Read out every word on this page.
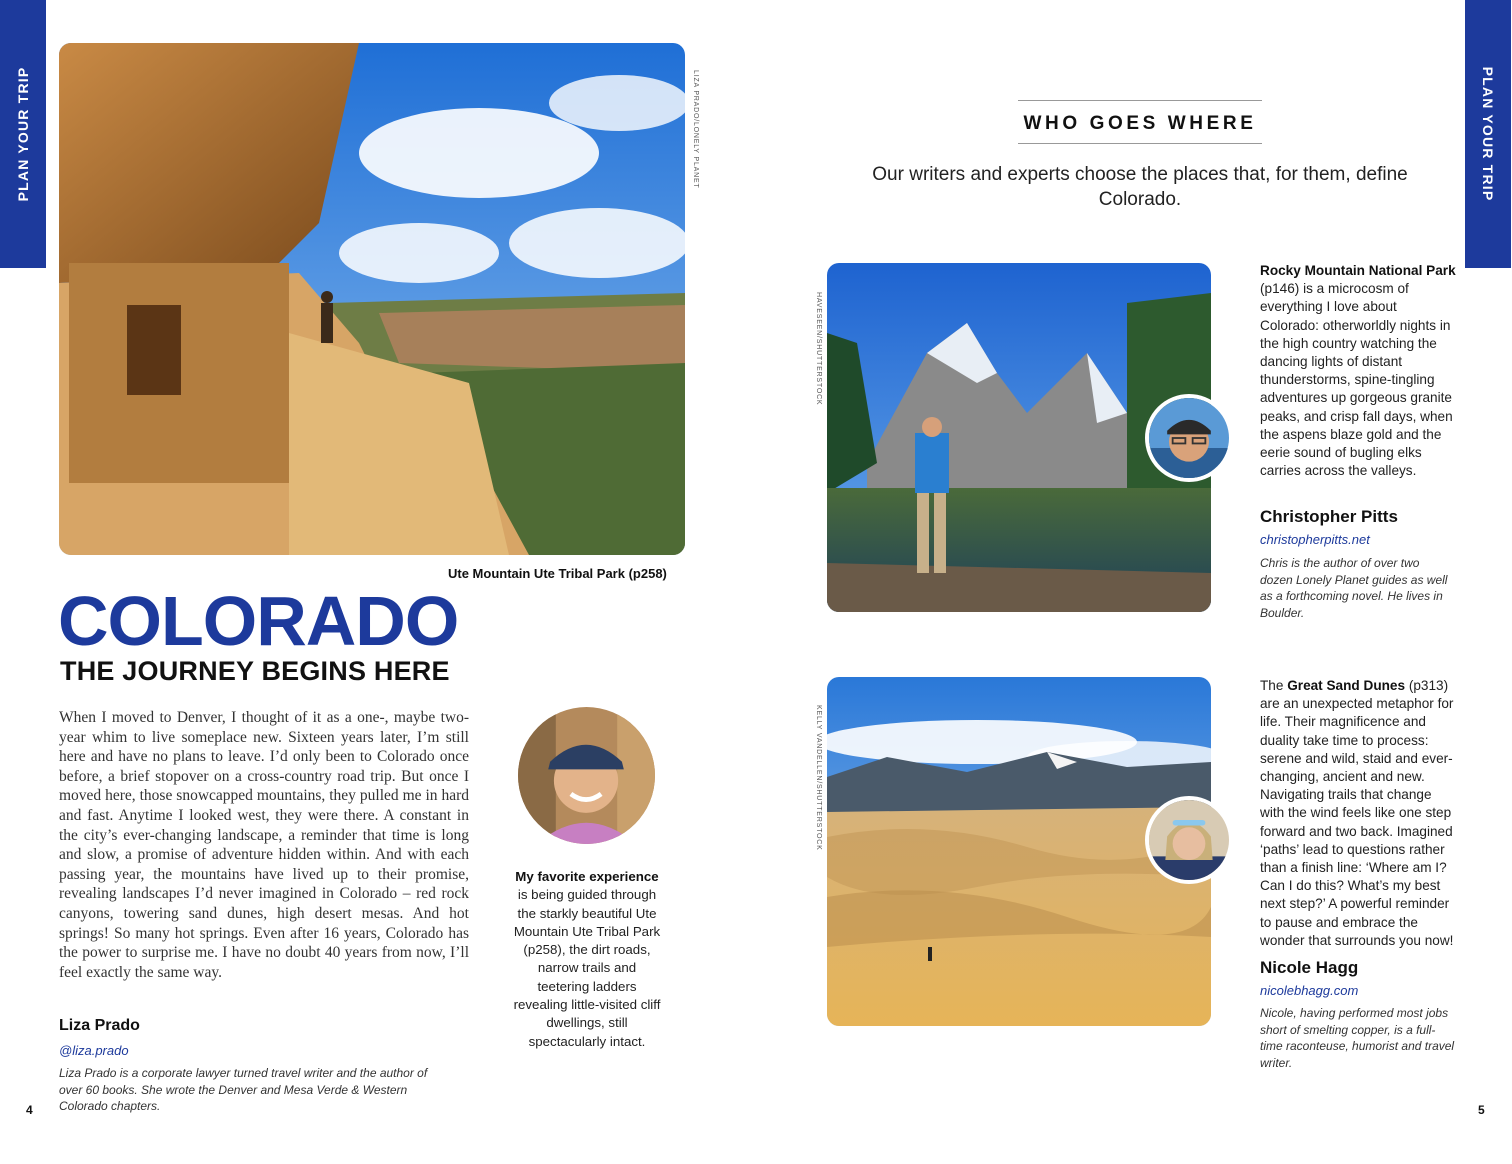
PLAN YOUR TRIP	PLAN YOUR TRIP
LIZA PRADO/LONELY PLANET
Ute Mountain Ute Tribal Park (p258)
COLORADO
THE JOURNEY BEGINS HERE
When I moved to Denver, I thought of it as a one-, maybe two-year whim to live someplace new. Sixteen years later, I’m still here and have no plans to leave. I’d only been to Colorado once before, a brief stopover on a cross-country road trip. But once I moved here, those snowcapped mountains, they pulled me in hard and fast. Anytime I looked west, they were there. A constant in the city’s ever-changing landscape, a reminder that time is long and slow, a promise of adventure hidden within. And with each passing year, the mountains have lived up to their promise, revealing landscapes I’d never imagined in Colorado – red rock canyons, towering sand dunes, high desert mesas. And hot springs! So many hot springs. Even after 16 years, Colorado has the power to surprise me. I have no doubt 40 years from now, I’ll feel exactly the same way.
Liza Prado
@liza.prado
Liza Prado is a corporate lawyer turned travel writer and the author of over 60 books. She wrote the Denver and Mesa Verde & Western Colorado chapters.
My favorite experience is being guided through the starkly beautiful Ute Mountain Ute Tribal Park (p258), the dirt roads, narrow trails and teetering ladders revealing little-visited cliff dwellings, still spectacularly intact.
WHO GOES WHERE
Our writers and experts choose the places that, for them, define Colorado.
HAVESEEN/SHUTTERSTOCK
Rocky Mountain National Park (p146) is a microcosm of everything I love about Colorado: otherworldly nights in the high country watching the dancing lights of distant thunderstorms, spine-tingling adventures up gorgeous granite peaks, and crisp fall days, when the aspens blaze gold and the eerie sound of bugling elks carries across the valleys.
Christopher Pitts
christopherpitts.net
Chris is the author of over two dozen Lonely Planet guides as well as a forthcoming novel. He lives in Boulder.
KELLY VANDELLEN/SHUTTERSTOCK
The Great Sand Dunes (p313) are an unexpected metaphor for life. Their magnificence and duality take time to process: serene and wild, staid and ever-changing, ancient and new. Navigating trails that change with the wind feels like one step forward and two back. Imagined ‘paths’ lead to questions rather than a finish line: ‘Where am I? Can I do this? What’s my best next step?’ A powerful reminder to pause and embrace the wonder that surrounds you now!
Nicole Hagg
nicolebhagg.com
Nicole, having performed most jobs short of smelting copper, is a full-time raconteuse, humorist and travel writer.
4	5
